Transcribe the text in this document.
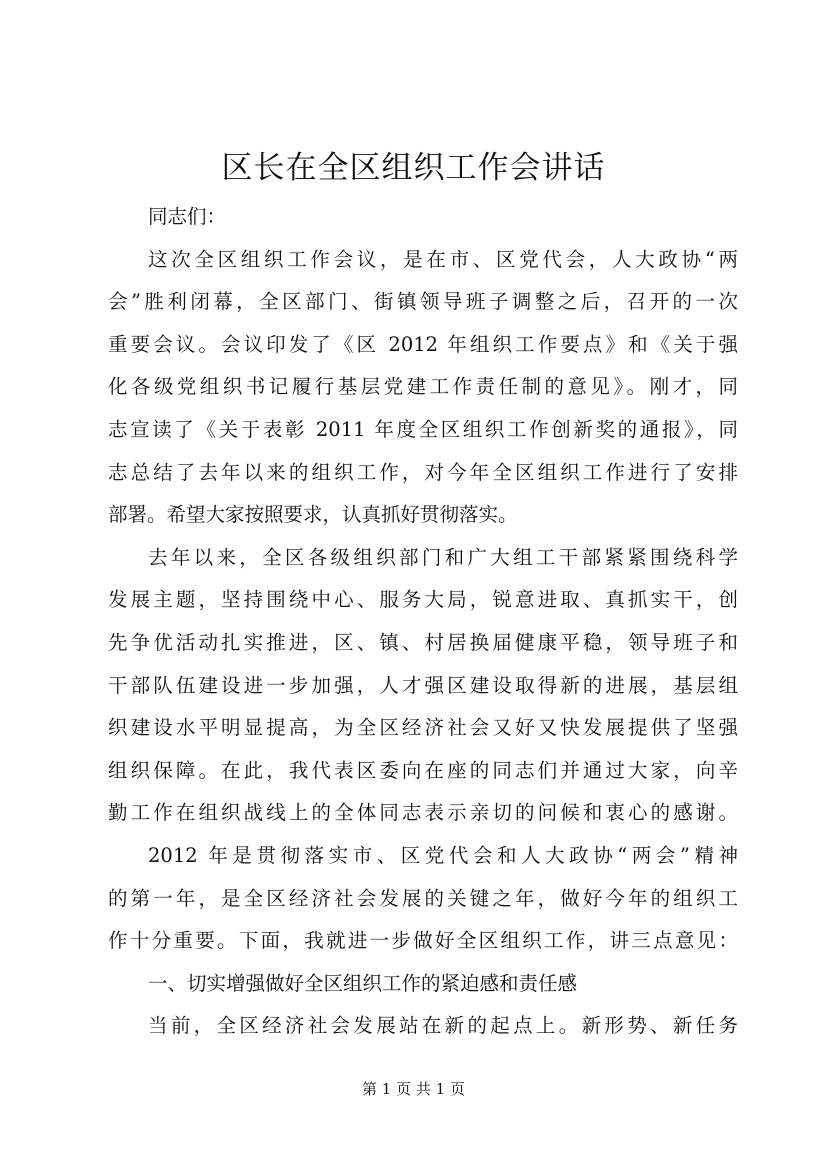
区长在全区组织工作会讲话
同志们：
这次全区组织工作会议，是在市、区党代会，人大政协“两
会”胜利闭幕，全区部门、街镇领导班子调整之后，召开的一次
重要会议。会议印发了《区 2012 年组织工作要点》和《关于强
化各级党组织书记履行基层党建工作责任制的意见》。刚才，同
志宣读了《关于表彰 2011 年度全区组织工作创新奖的通报》，同
志总结了去年以来的组织工作，对今年全区组织工作进行了安排
部署。希望大家按照要求，认真抓好贯彻落实。
去年以来，全区各级组织部门和广大组工干部紧紧围绕科学
发展主题，坚持围绕中心、服务大局，锐意进取、真抓实干，创
先争优活动扎实推进，区、镇、村居换届健康平稳，领导班子和
干部队伍建设进一步加强，人才强区建设取得新的进展，基层组
织建设水平明显提高，为全区经济社会又好又快发展提供了坚强
组织保障。在此，我代表区委向在座的同志们并通过大家，向辛
勤工作在组织战线上的全体同志表示亲切的问候和衷心的感谢。
2012 年是贯彻落实市、区党代会和人大政协“两会”精神
的第一年，是全区经济社会发展的关键之年，做好今年的组织工
作十分重要。下面，我就进一步做好全区组织工作，讲三点意见：
一、切实增强做好全区组织工作的紧迫感和责任感
当前，全区经济社会发展站在新的起点上。新形势、新任务
第 1 页 共 1 页
